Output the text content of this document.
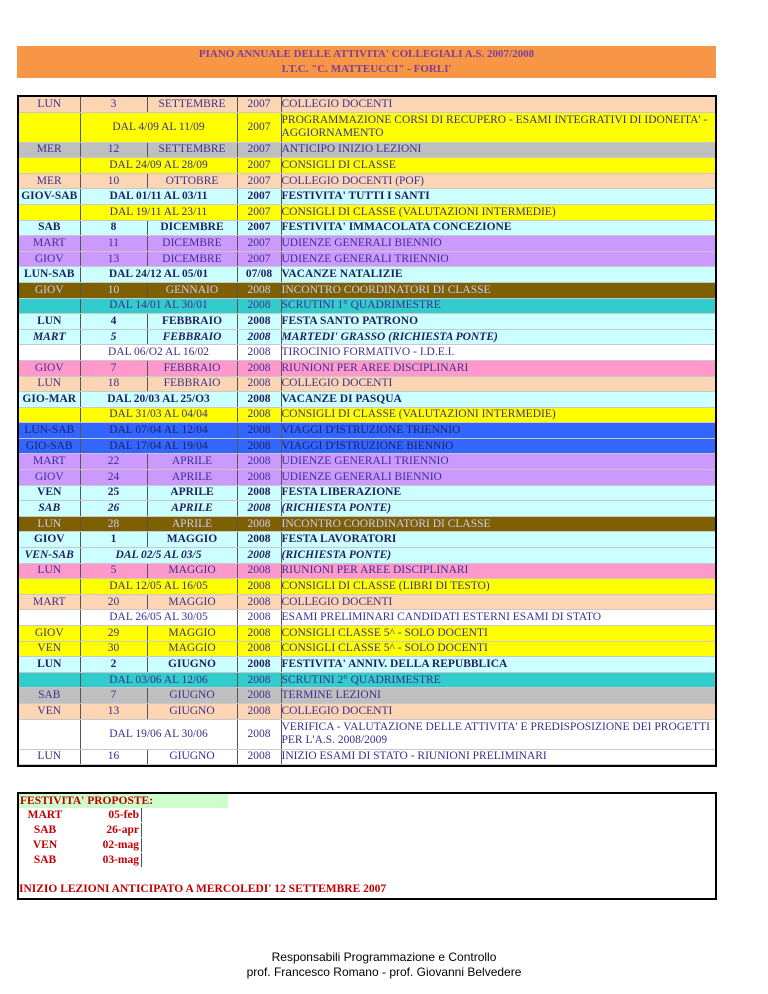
PIANO ANNUALE DELLE ATTIVITA' COLLEGIALI A.S. 2007/2008
I.T.C. "C. MATTEUCCI" - FORLI'
LUN	3	SETTEMBRE	2007	COLLEGIO DOCENTI
	DAL 4/09 AL 11/09		2007	PROGRAMMAZIONE CORSI DI RECUPERO - ESAMI INTEGRATIVI DI IDONEITA' - AGGIORNAMENTO
MER	12	SETTEMBRE	2007	ANTICIPO INIZIO LEZIONI
	DAL 24/09 AL 28/09		2007	CONSIGLI DI CLASSE
MER	10	OTTOBRE	2007	COLLEGIO DOCENTI (POF)
GIOV-SAB	DAL 01/11 AL 03/11		2007	FESTIVITA' TUTTI I SANTI
	DAL 19/11 AL 23/11		2007	CONSIGLI DI CLASSE (VALUTAZIONI INTERMEDIE)
SAB	8	DICEMBRE	2007	FESTIVITA' IMMACOLATA CONCEZIONE
MART	11	DICEMBRE	2007	UDIENZE GENERALI BIENNIO
GIOV	13	DICEMBRE	2007	UDIENZE GENERALI TRIENNIO
LUN-SAB	DAL 24/12 AL 05/01		07/08	VACANZE NATALIZIE
GIOV	10	GENNAIO	2008	INCONTRO COORDINATORI DI CLASSE
	DAL 14/01 AL 30/01		2008	SCRUTINI 1° QUADRIMESTRE
LUN	4	FEBBRAIO	2008	FESTA SANTO PATRONO
MART	5	FEBBRAIO	2008	MARTEDI' GRASSO (RICHIESTA PONTE)
	DAL 06/O2 AL 16/02		2008	TIROCINIO FORMATIVO - I.D.E.I.
GIOV	7	FEBBRAIO	2008	RIUNIONI PER AREE DISCIPLINARI
LUN	18	FEBBRAIO	2008	COLLEGIO DOCENTI
GIO-MAR	DAL 20/03 AL 25/O3		2008	VACANZE DI PASQUA
	DAL 31/03 AL 04/04		2008	CONSIGLI DI CLASSE (VALUTAZIONI INTERMEDIE)
LUN-SAB	DAL 07/04 AL 12/04		2008	VIAGGI D'ISTRUZIONE TRIENNIO
GIO-SAB	DAL 17/04 AL 19/04		2008	VIAGGI D'ISTRUZIONE BIENNIO
MART	22	APRILE	2008	UDIENZE GENERALI TRIENNIO
GIOV	24	APRILE	2008	UDIENZE GENERALI BIENNIO
VEN	25	APRILE	2008	FESTA LIBERAZIONE
SAB	26	APRILE	2008	(RICHIESTA PONTE)
LUN	28	APRILE	2008	INCONTRO COORDINATORI DI CLASSE
GIOV	1	MAGGIO	2008	FESTA LAVORATORI
VEN-SAB	DAL 02/5 AL 03/5		2008	(RICHIESTA PONTE)
LUN	5	MAGGIO	2008	RIUNIONI PER AREE DISCIPLINARI
	DAL 12/05 AL 16/05		2008	CONSIGLI DI CLASSE (LIBRI DI TESTO)
MART	20	MAGGIO	2008	COLLEGIO DOCENTI
	DAL 26/05 AL 30/05		2008	ESAMI PRELIMINARI CANDIDATI ESTERNI ESAMI DI STATO
GIOV	29	MAGGIO	2008	CONSIGLI CLASSE 5^ - SOLO DOCENTI
VEN	30	MAGGIO	2008	CONSIGLI CLASSE 5^ - SOLO DOCENTI
LUN	2	GIUGNO	2008	FESTIVITA' ANNIV. DELLA REPUBBLICA
	DAL 03/06 AL 12/06		2008	SCRUTINI 2° QUADRIMESTRE
SAB	7	GIUGNO	2008	TERMINE LEZIONI
VEN	13	GIUGNO	2008	COLLEGIO DOCENTI
	DAL 19/06 AL 30/06		2008	VERIFICA - VALUTAZIONE DELLE ATTIVITA' E PREDISPOSIZIONE DEI PROGETTI PER L'A.S. 2008/2009
LUN	16	GIUGNO	2008	INIZIO ESAMI DI STATO - RIUNIONI PRELIMINARI
FESTIVITA' PROPOSTE:
MART	05-feb
SAB	26-apr
VEN	02-mag
SAB	03-mag
INIZIO LEZIONI ANTICIPATO A MERCOLEDI' 12 SETTEMBRE 2007
Responsabili Programmazione e Controllo
prof. Francesco Romano - prof. Giovanni Belvedere
